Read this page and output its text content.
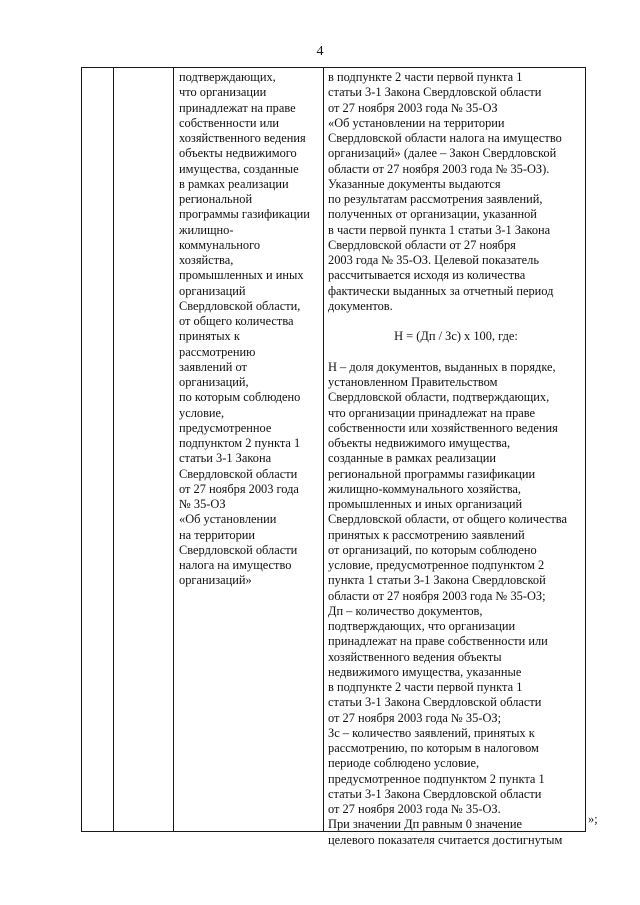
4
подтверждающих,
что организации
принадлежат на праве
собственности или
хозяйственного ведения
объекты недвижимого
имущества, созданные
в рамках реализации
региональной
программы газификации
жилищно-
коммунального
хозяйства,
промышленных и иных
организаций
Свердловской области,
от общего количества
принятых к
рассмотрению
заявлений от
организаций,
по которым соблюдено
условие,
предусмотренное
подпунктом 2 пункта 1
статьи 3-1 Закона
Свердловской области
от 27 ноября 2003 года
№ 35-ОЗ
«Об установлении
на территории
Свердловской области
налога на имущество
организаций»
в подпункте 2 части первой пункта 1
статьи 3-1 Закона Свердловской области
от 27 ноября 2003 года № 35-ОЗ
«Об установлении на территории
Свердловской области налога на имущество
организаций» (далее – Закон Свердловской
области от 27 ноября 2003 года № 35-ОЗ).
Указанные документы выдаются
по результатам рассмотрения заявлений,
полученных от организации, указанной
в части первой пункта 1 статьи 3-1 Закона
Свердловской области от 27 ноября
2003 года № 35-ОЗ. Целевой показатель
рассчитывается исходя из количества
фактически выданных за отчетный период
документов.
Н = (Дп / Зс) х 100, где:
Н – доля документов, выданных в порядке,
установленном Правительством
Свердловской области, подтверждающих,
что организации принадлежат на праве
собственности или хозяйственного ведения
объекты недвижимого имущества,
созданные в рамках реализации
региональной программы газификации
жилищно-коммунального хозяйства,
промышленных и иных организаций
Свердловской области, от общего количества
принятых к рассмотрению заявлений
от организаций, по которым соблюдено
условие, предусмотренное подпунктом 2
пункта 1 статьи 3-1 Закона Свердловской
области от 27 ноября 2003 года № 35-ОЗ;
Дп – количество документов,
подтверждающих, что организации
принадлежат на праве собственности или
хозяйственного ведения объекты
недвижимого имущества, указанные
в подпункте 2 части первой пункта 1
статьи 3-1 Закона Свердловской области
от 27 ноября 2003 года № 35-ОЗ;
Зс – количество заявлений, принятых к
рассмотрению, по которым в налоговом
периоде соблюдено условие,
предусмотренное подпунктом 2 пункта 1
статьи 3-1 Закона Свердловской области
от 27 ноября 2003 года № 35-ОЗ.
При значении Дп равным 0 значение
целевого показателя считается достигнутым
»;
